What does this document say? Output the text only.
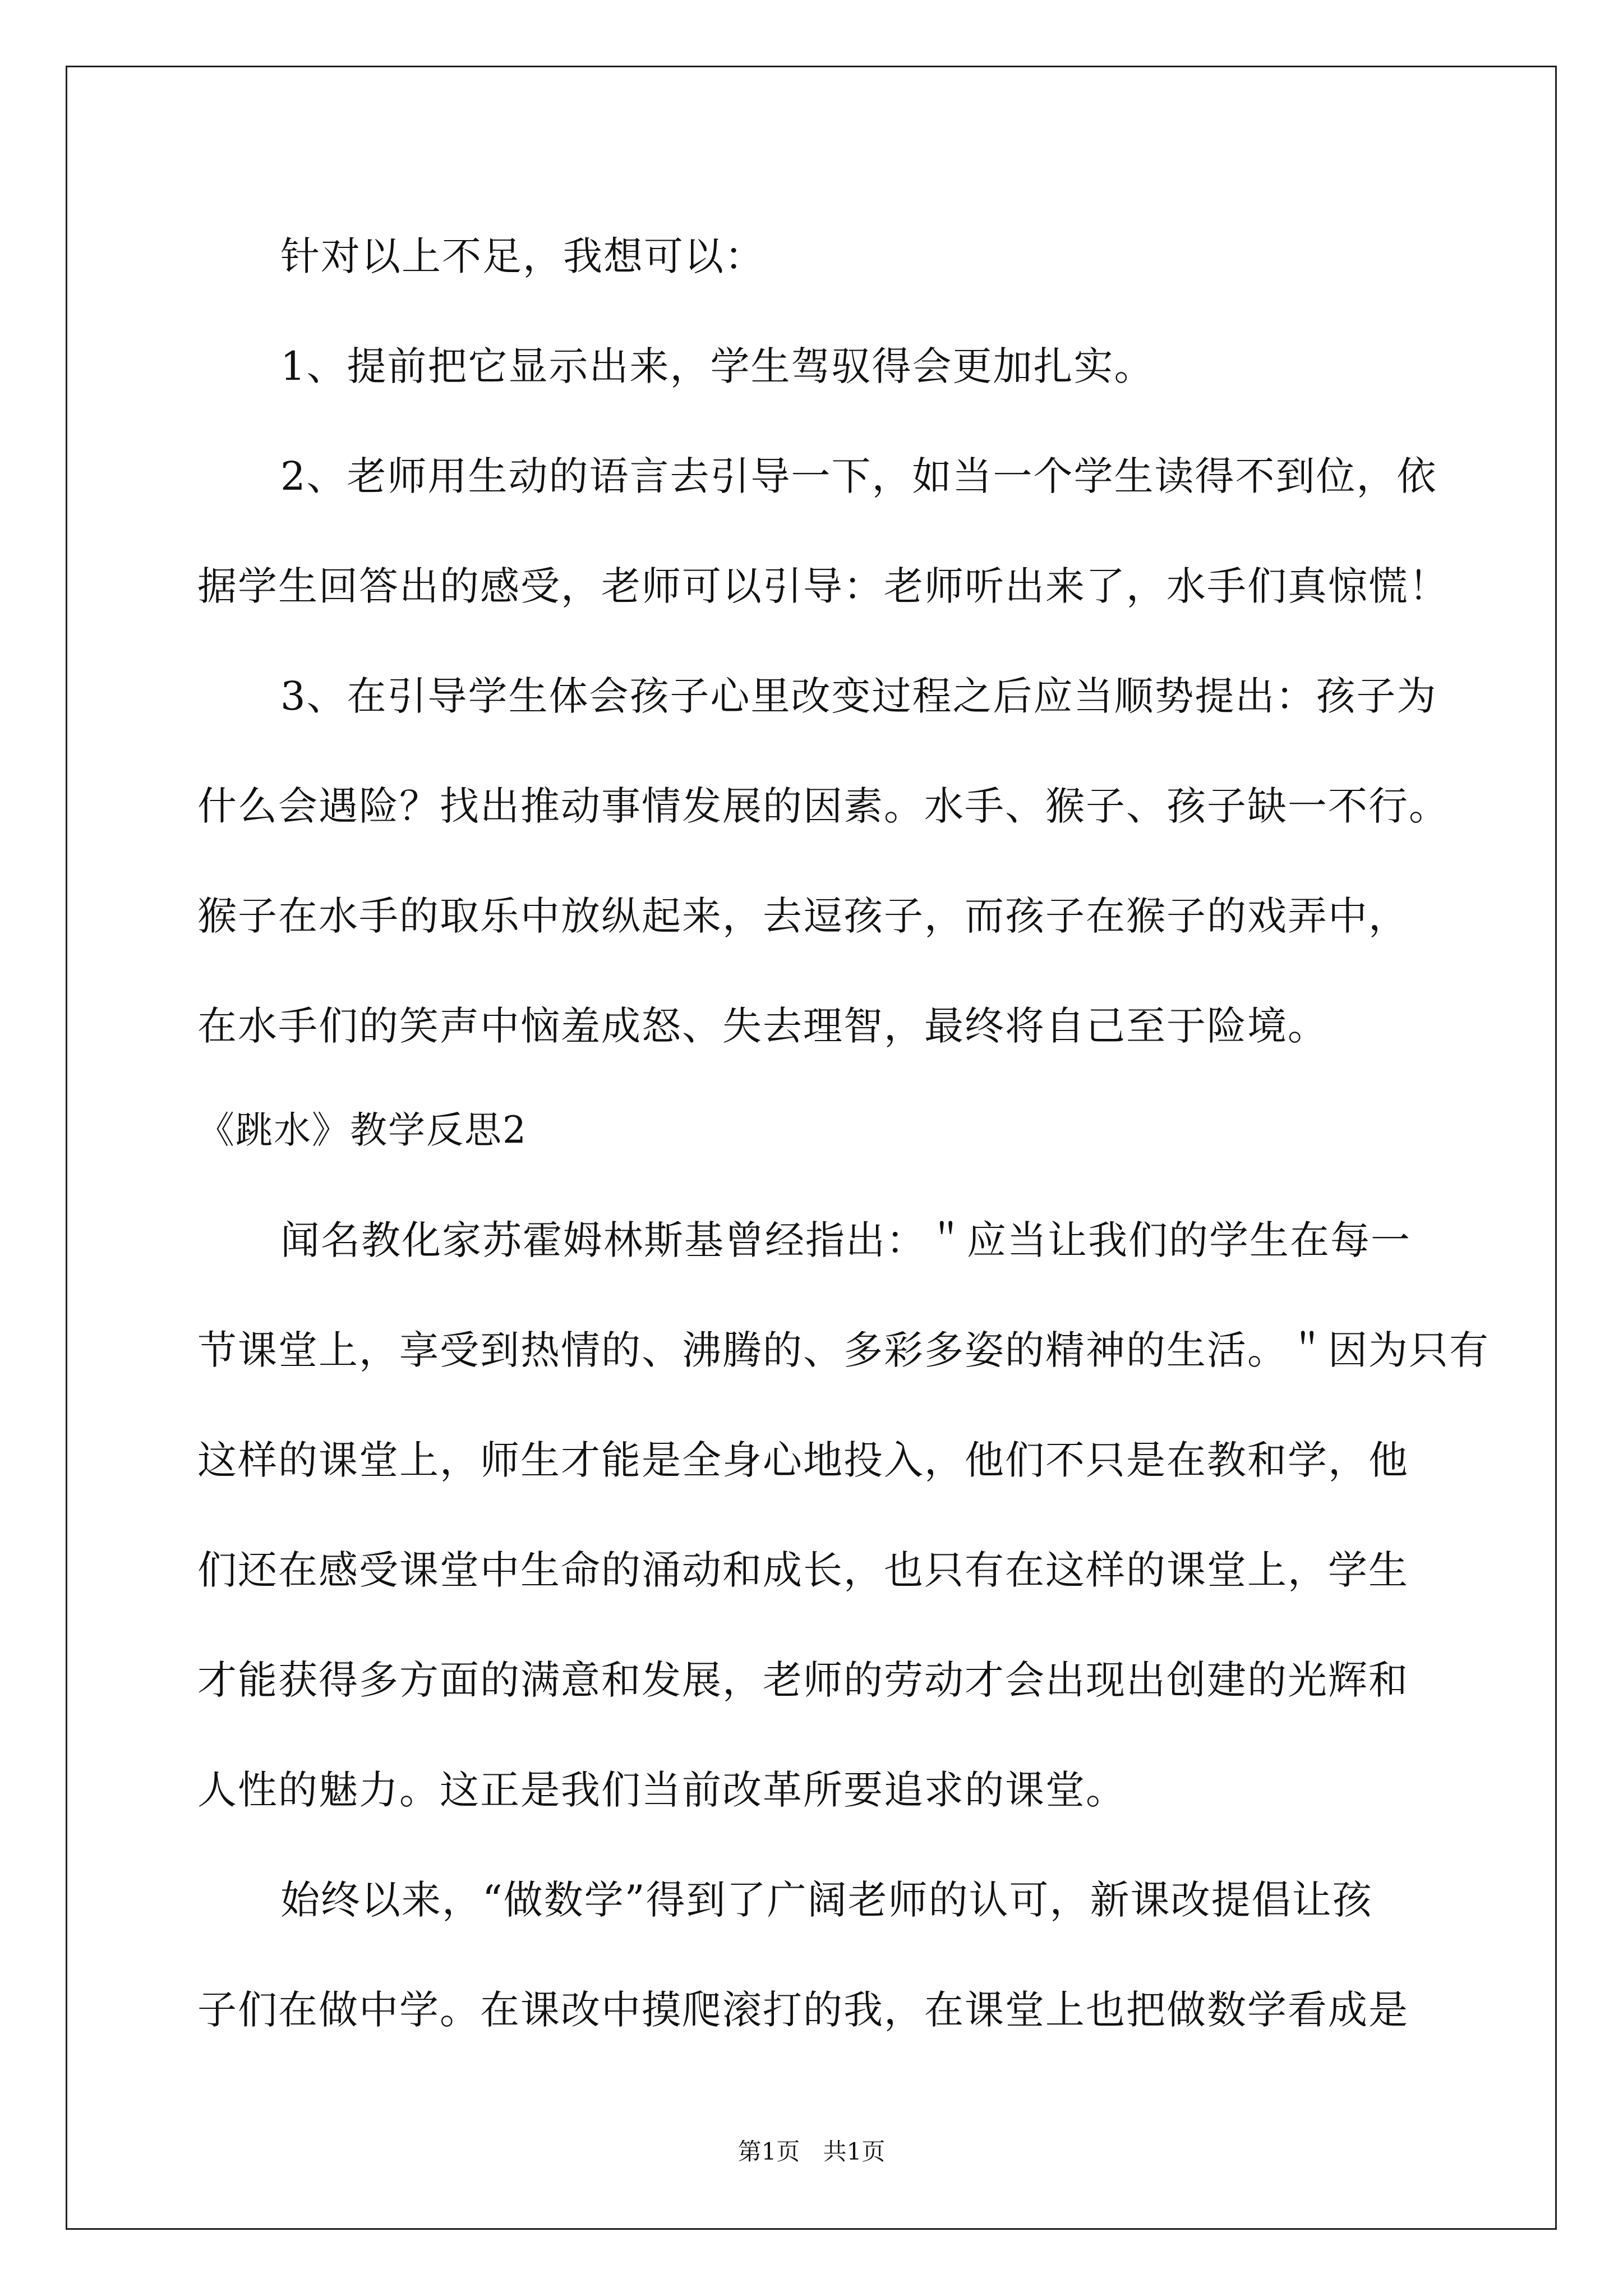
针对以上不足，我想可以：
1、提前把它显示出来，学生驾驭得会更加扎实。
2、老师用生动的语言去引导一下，如当一个学生读得不到位，依
据学生回答出的感受，老师可以引导：老师听出来了，水手们真惊慌！
3、在引导学生体会孩子心里改变过程之后应当顺势提出：孩子为
什么会遇险？找出推动事情发展的因素。水手、猴子、孩子缺一不行。
猴子在水手的取乐中放纵起来，去逗孩子，而孩子在猴子的戏弄中，
在水手们的笑声中恼羞成怒、失去理智，最终将自己至于险境。
《跳水》教学反思2
闻名教化家苏霍姆林斯基曾经指出：＂应当让我们的学生在每一
节课堂上，享受到热情的、沸腾的、多彩多姿的精神的生活。＂因为只有
这样的课堂上，师生才能是全身心地投入，他们不只是在教和学，他
们还在感受课堂中生命的涌动和成长，也只有在这样的课堂上，学生
才能获得多方面的满意和发展，老师的劳动才会出现出创建的光辉和
人性的魅力。这正是我们当前改革所要追求的课堂。
始终以来，“做数学”得到了广阔老师的认可，新课改提倡让孩
子们在做中学。在课改中摸爬滚打的我，在课堂上也把做数学看成是
第1页 共1页
